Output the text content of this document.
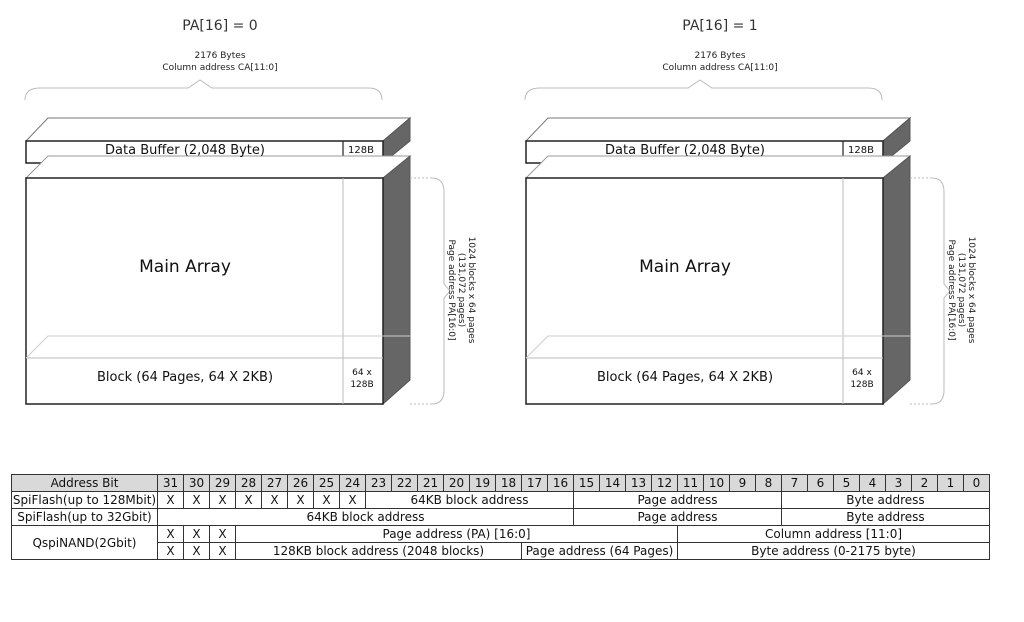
PA[16] = 0
2176 Bytes
Column address CA[11:0]
Data Buffer (2,048 Byte)	128B
Main Array
Block (64 Pages, 64 X 2KB)	64 x
128B
1024 blocks x 64 pages
(131,072 pages)
Page address PA[16:0]
PA[16] = 1
2176 Bytes
Column address CA[11:0]
Data Buffer (2,048 Byte)	128B
Main Array
Block (64 Pages, 64 X 2KB)	64 x
128B
1024 blocks x 64 pages
(131,072 pages)
Page address PA[16:0]
Address Bit	31	30	29	28	27	26	25	24	23	22	21	20	19	18	17	16	15	14	13	12	11	10	9	8	7	6	5	4	3	2	1	0
SpiFlash(up to 128Mbit)	X	X	X	X	X	X	X	X	64KB block address								Page address								Byte address							
SpiFlash(up to 32Gbit)	64KB block address																Page address								Byte address							
QspiNAND(2Gbit)	X	X	X	Page address (PA) [16:0]																	Column address [11:0]											
	X	X	X	128KB block address (2048 blocks)											Page address (64 Pages)						Byte address (0-2175 byte)											
